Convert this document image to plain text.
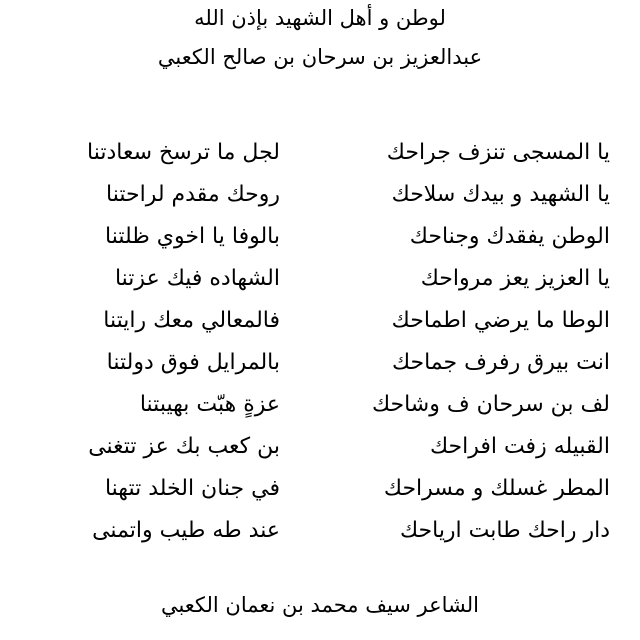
لوطن و أهل الشهيد بإذن الله
عبدالعزيز بن سرحان بن صالح الكعبي
يا المسجى تنزف جراحك
لجل ما ترسخ سعادتنا
يا الشهيد و بيدك سلاحك
روحك مقدم لراحتنا
الوطن يفقدك وجناحك
بالوفا يا اخوي ظلتنا
يا العزيز يعز مرواحك
الشهاده فيك عزتنا
الوطا ما يرضي اطماحك
فالمعالي معك رايتنا
انت بيرق رفرف جماحك
بالمرايل فوق دولتنا
لف بن سرحان ف وشاحك
عزةٍ هبّت بهيبتنا
القبيله زفت افراحك
بن كعب بك عز تتغنى
المطر غسلك و مسراحك
في جنان الخلد تتهنا
دار راحك طابت ارياحك
عند طه طيب واتمنى
الشاعر سيف محمد بن نعمان الكعبي
